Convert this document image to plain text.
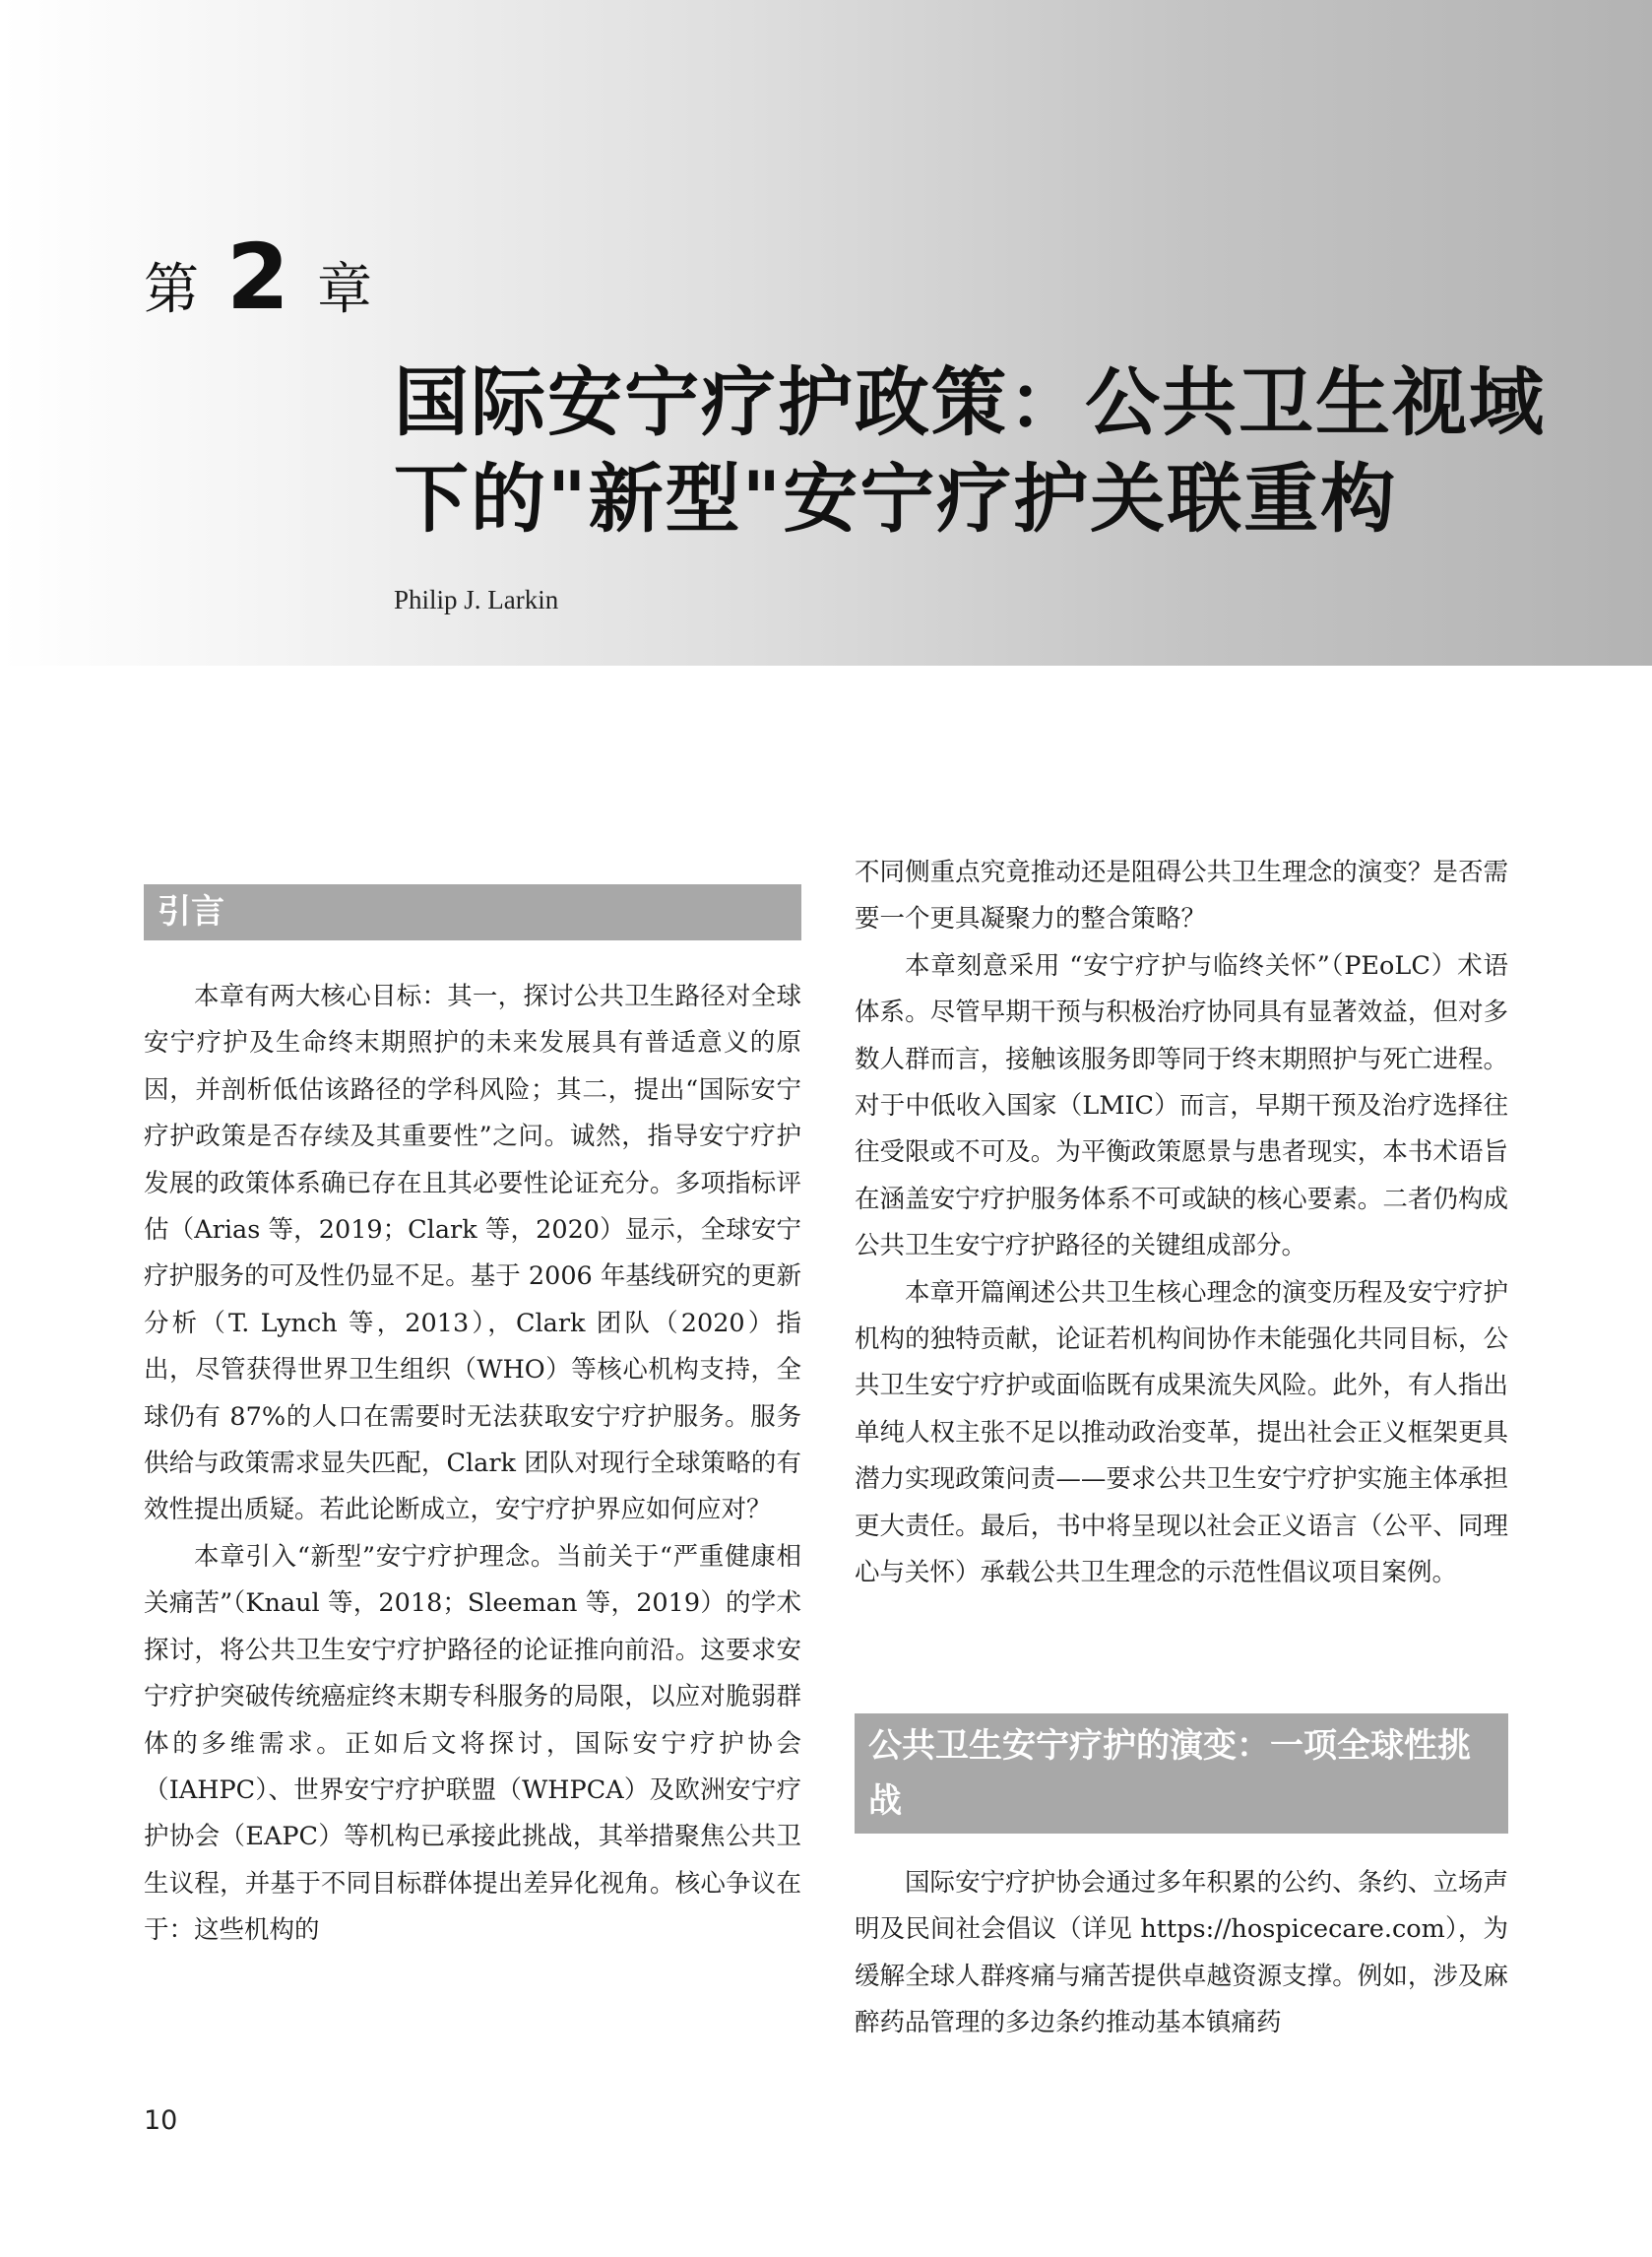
第 2 章
国际安宁疗护政策：公共卫生视域
下的"新型"安宁疗护关联重构
Philip J. Larkin
引言

本章有两大核心目标：其一，探讨公共卫生路径对全球安宁疗护及生命终末期照护的未来发展具有普适意义的原因，并剖析低估该路径的学科风险；其二，提出“国际安宁疗护政策是否存续及其重要性”之问。诚然，指导安宁疗护发展的政策体系确已存在且其必要性论证充分。多项指标评估（Arias 等，2019；Clark 等，2020）显示，全球安宁疗护服务的可及性仍显不足。基于 2006 年基线研究的更新分析（T. Lynch 等，2013），Clark 团队（2020）指出，尽管获得世界卫生组织（WHO）等核心机构支持，全球仍有 87%的人口在需要时无法获取安宁疗护服务。服务供给与政策需求显失匹配，Clark 团队对现行全球策略的有效性提出质疑。若此论断成立，安宁疗护界应如何应对？

本章引入“新型”安宁疗护理念。当前关于“严重健康相关痛苦”（Knaul 等，2018；Sleeman 等，2019）的学术探讨，将公共卫生安宁疗护路径的论证推向前沿。这要求安宁疗护突破传统癌症终末期专科服务的局限，以应对脆弱群体的多维需求。正如后文将探讨，国际安宁疗护协会（IAHPC）、世界安宁疗护联盟（WHPCA）及欧洲安宁疗护协会（EAPC）等机构已承接此挑战，其举措聚焦公共卫生议程，并基于不同目标群体提出差异化视角。核心争议在于：这些机构的

不同侧重点究竟推动还是阻碍公共卫生理念的演变？是否需要一个更具凝聚力的整合策略？

本章刻意采用 “安宁疗护与临终关怀”（PEoLC）术语体系。尽管早期干预与积极治疗协同具有显著效益，但对多数人群而言，接触该服务即等同于终末期照护与死亡进程。对于中低收入国家（LMIC）而言，早期干预及治疗选择往往受限或不可及。为平衡政策愿景与患者现实，本书术语旨在涵盖安宁疗护服务体系不可或缺的核心要素。二者仍构成公共卫生安宁疗护路径的关键组成部分。

本章开篇阐述公共卫生核心理念的演变历程及安宁疗护机构的独特贡献，论证若机构间协作未能强化共同目标，公共卫生安宁疗护或面临既有成果流失风险。此外，有人指出单纯人权主张不足以推动政治变革，提出社会正义框架更具潜力实现政策问责——要求公共卫生安宁疗护实施主体承担更大责任。最后，书中将呈现以社会正义语言（公平、同理心与关怀）承载公共卫生理念的示范性倡议项目案例。

公共卫生安宁疗护的演变：一项全球性挑战

国际安宁疗护协会通过多年积累的公约、条约、立场声明及民间社会倡议（详见 https://hospicecare.com），为缓解全球人群疼痛与痛苦提供卓越资源支撑。例如，涉及麻醉药品管理的多边条约推动基本镇痛药

10
